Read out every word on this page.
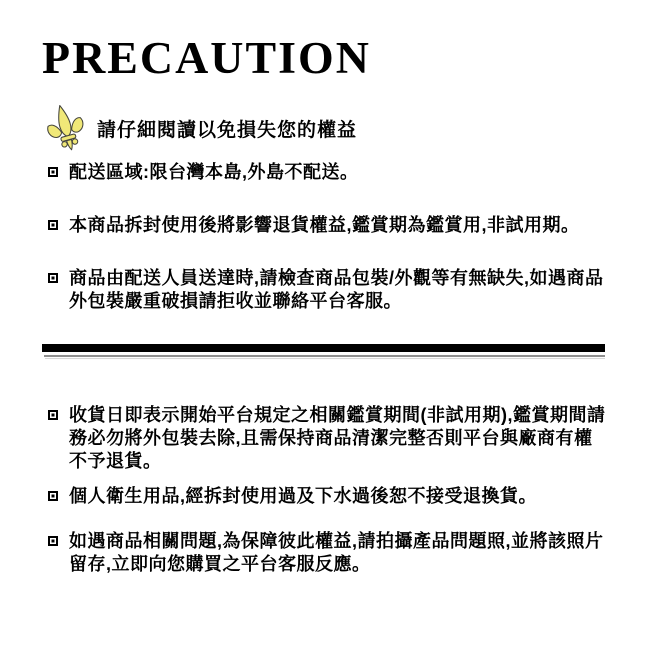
PRECAUTION
請仔細閱讀以免損失您的權益
配送區域:限台灣本島,外島不配送。
本商品拆封使用後將影響退貨權益,鑑賞期為鑑賞用,非試用期。
商品由配送人員送達時,請檢查商品包裝/外觀等有無缺失,如遇商品外包裝嚴重破損請拒收並聯絡平台客服。
收貨日即表示開始平台規定之相關鑑賞期間(非試用期),鑑賞期間請務必勿將外包裝去除,且需保持商品清潔完整否則平台與廠商有權不予退貨。
個人衛生用品,經拆封使用過及下水過後恕不接受退換貨。
如遇商品相關問題,為保障彼此權益,請拍攝產品問題照,並將該照片留存,立即向您購買之平台客服反應。
